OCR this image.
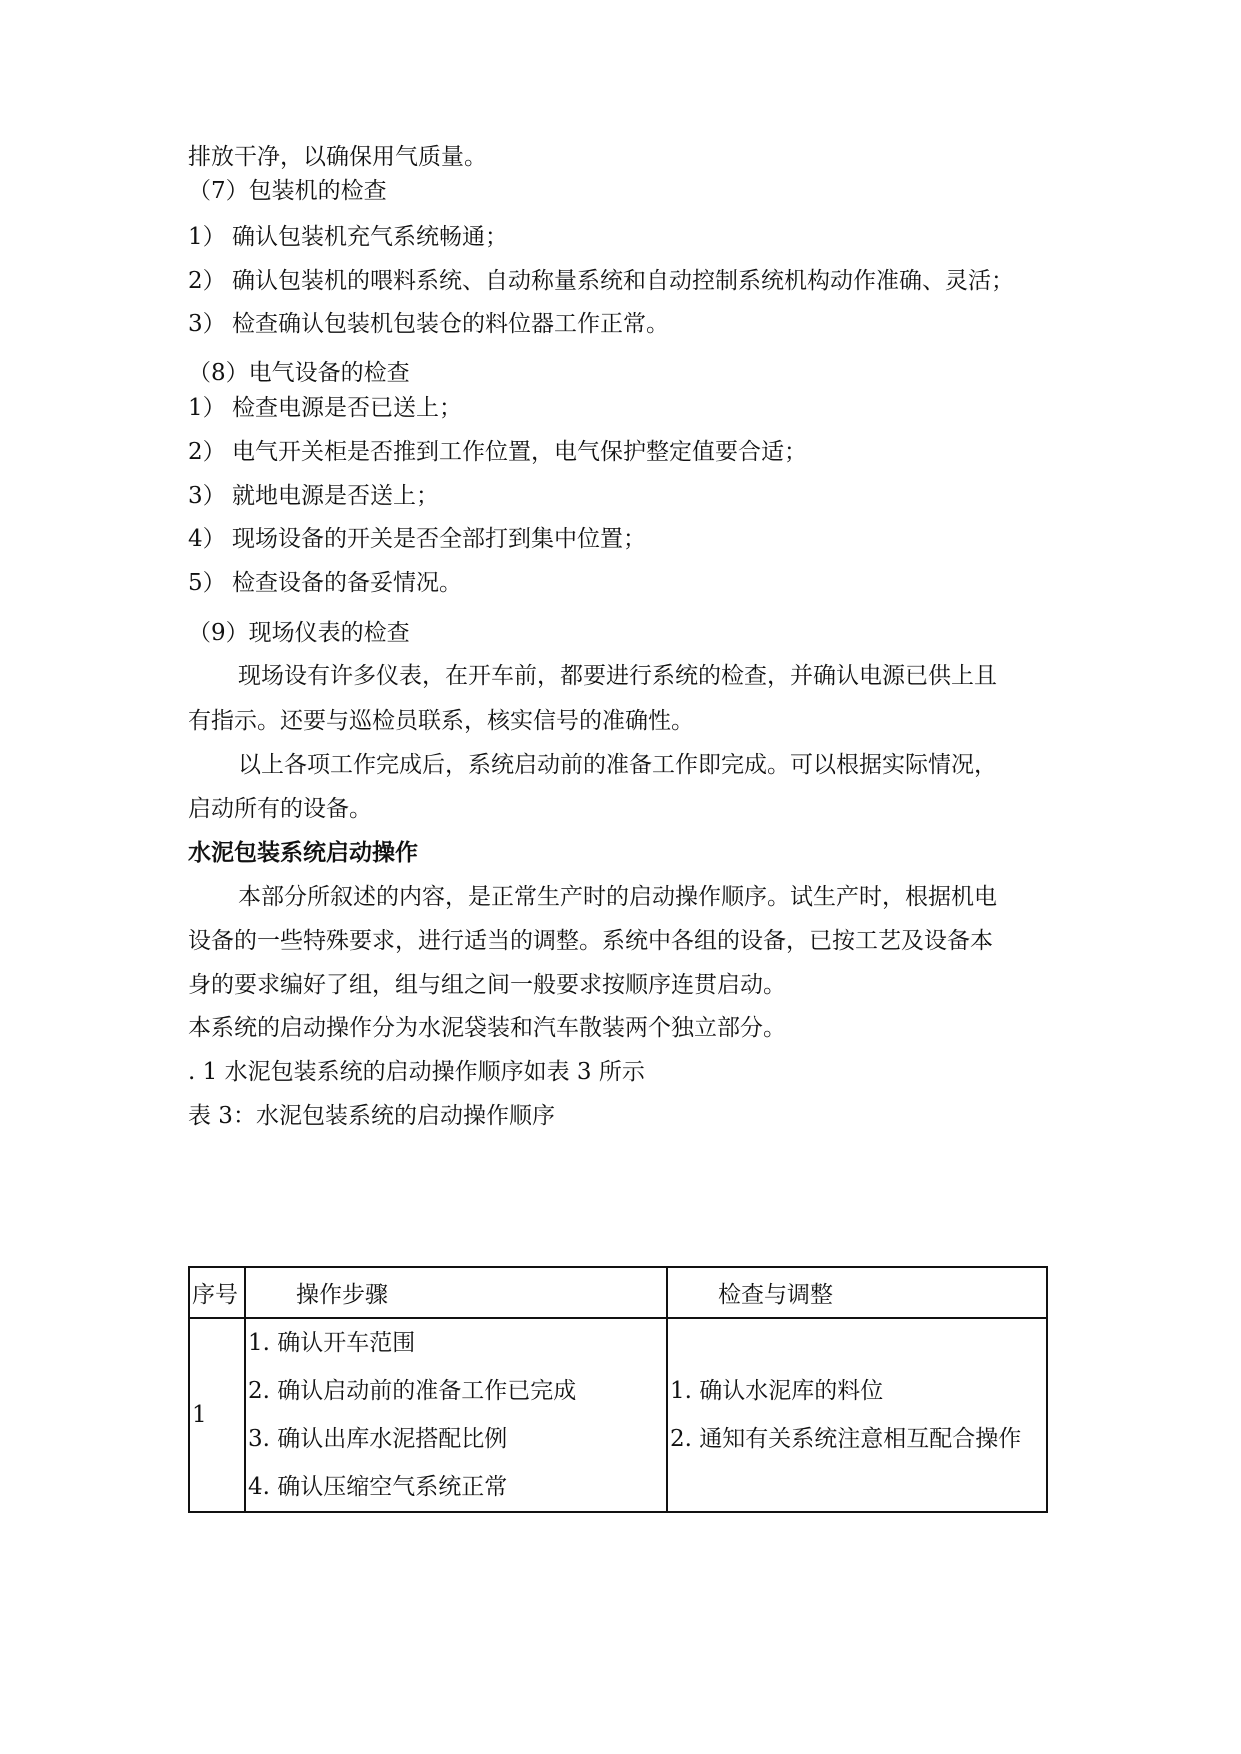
排放干净，以确保用气质量。
（7）包装机的检查
1） 确认包装机充气系统畅通；
2） 确认包装机的喂料系统、自动称量系统和自动控制系统机构动作准确、灵活；
3） 检查确认包装机包装仓的料位器工作正常。
（8）电气设备的检查
1） 检查电源是否已送上；
2） 电气开关柜是否推到工作位置，电气保护整定值要合适；
3） 就地电源是否送上；
4） 现场设备的开关是否全部打到集中位置；
5） 检查设备的备妥情况。
（9）现场仪表的检查
现场设有许多仪表，在开车前，都要进行系统的检查，并确认电源已供上且
有指示。还要与巡检员联系，核实信号的准确性。
以上各项工作完成后，系统启动前的准备工作即完成。可以根据实际情况，
启动所有的设备。
水泥包装系统启动操作
本部分所叙述的内容，是正常生产时的启动操作顺序。试生产时，根据机电
设备的一些特殊要求，进行适当的调整。系统中各组的设备，已按工艺及设备本
身的要求编好了组，组与组之间一般要求按顺序连贯启动。
本系统的启动操作分为水泥袋装和汽车散装两个独立部分。
. 1 水泥包装系统的启动操作顺序如表 3 所示
表 3：水泥包装系统的启动操作顺序
序号	操作步骤	检查与调整
1	1. 确认开车范围
2. 确认启动前的准备工作已完成
3. 确认出库水泥搭配比例
4. 确认压缩空气系统正常	1. 确认水泥库的料位
2. 通知有关系统注意相互配合操作
